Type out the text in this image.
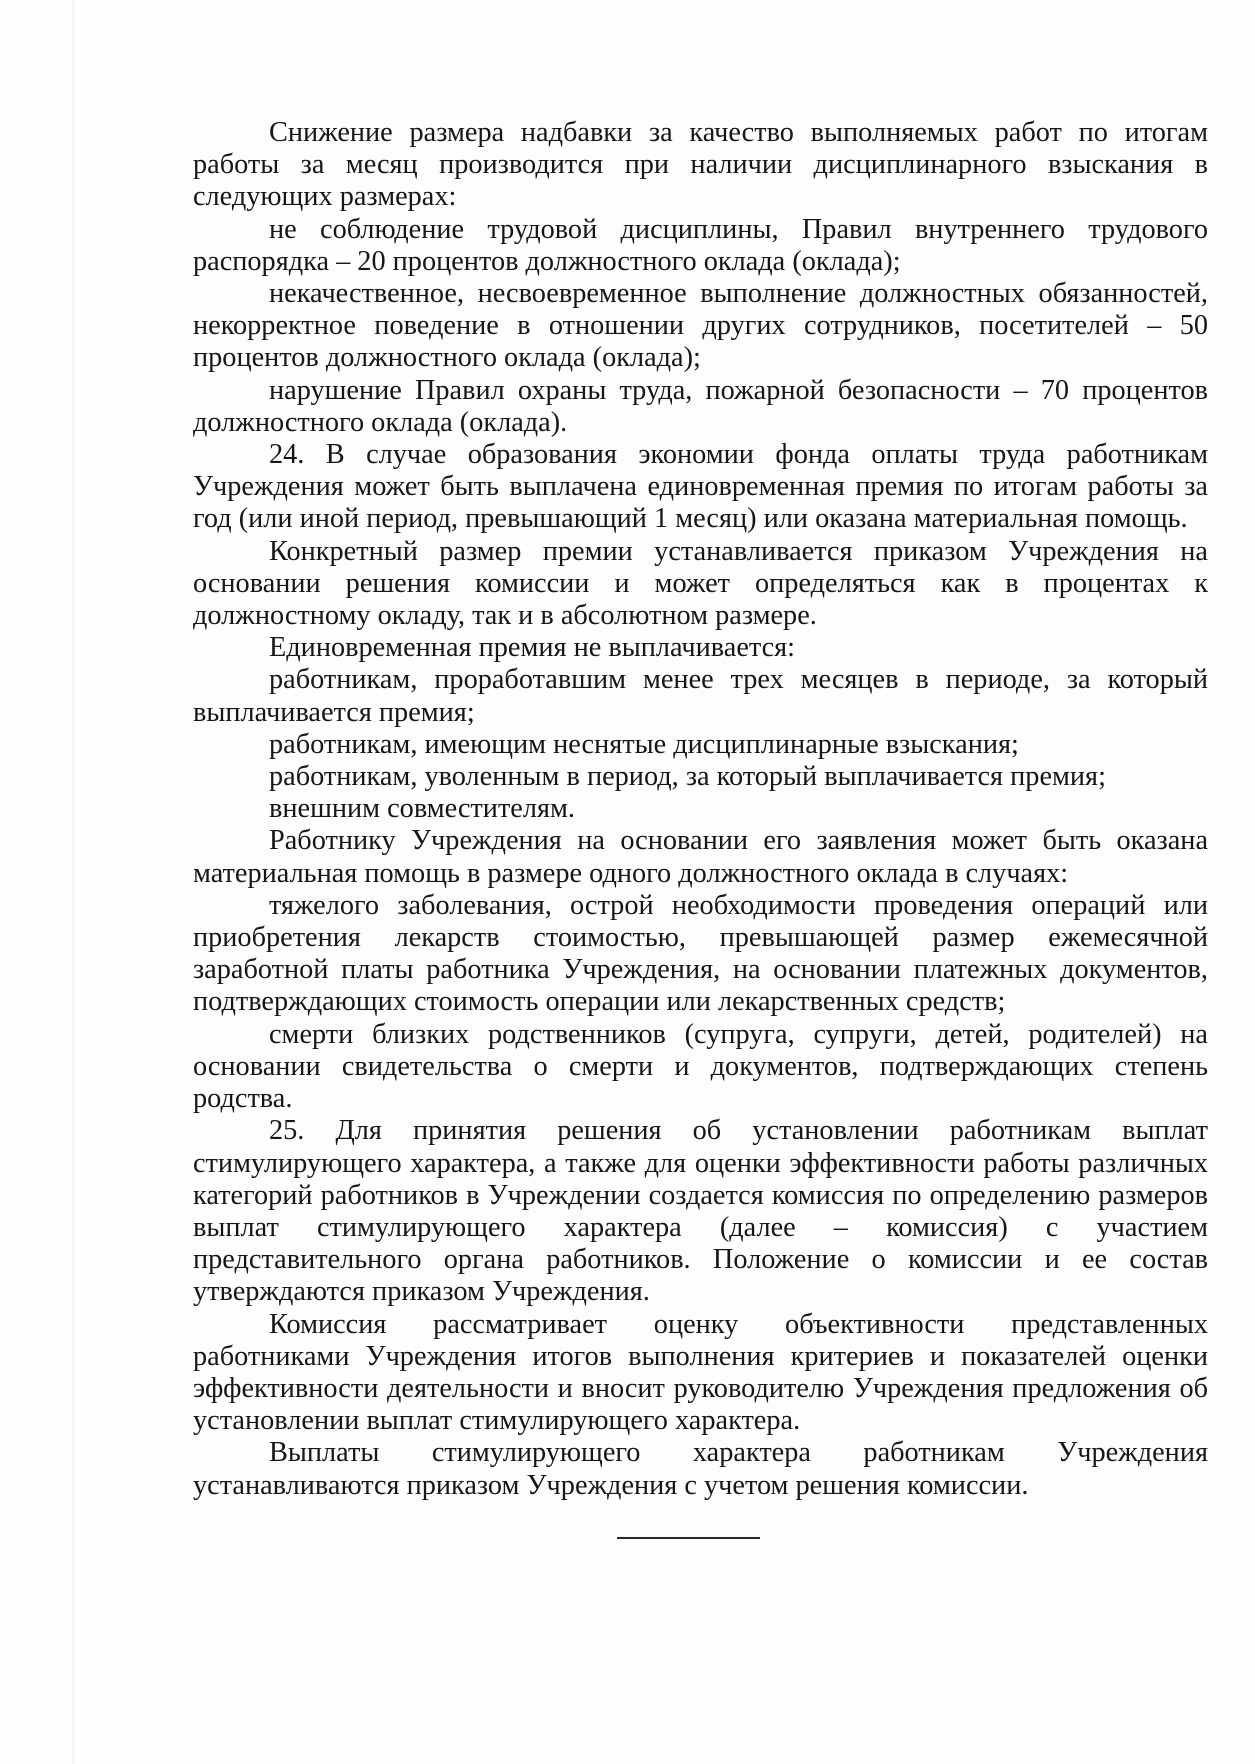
Снижение размера надбавки за качество выполняемых работ по итогам работы за месяц производится при наличии дисциплинарного взыскания в следующих размерах:

не соблюдение трудовой дисциплины, Правил внутреннего трудового распорядка – 20 процентов должностного оклада (оклада);

некачественное, несвоевременное выполнение должностных обязанностей, некорректное поведение в отношении других сотрудников, посетителей – 50 процентов должностного оклада (оклада);

нарушение Правил охраны труда, пожарной безопасности – 70 процентов должностного оклада (оклада).

24. В случае образования экономии фонда оплаты труда работникам Учреждения может быть выплачена единовременная премия по итогам работы за год (или иной период, превышающий 1 месяц) или оказана материальная помощь.

Конкретный размер премии устанавливается приказом Учреждения на основании решения комиссии и может определяться как в процентах к должностному окладу, так и в абсолютном размере.

Единовременная премия не выплачивается:

работникам, проработавшим менее трех месяцев в периоде, за который выплачивается премия;

работникам, имеющим неснятые дисциплинарные взыскания;

работникам, уволенным в период, за который выплачивается премия;

внешним совместителям.

Работнику Учреждения на основании его заявления может быть оказана материальная помощь в размере одного должностного оклада в случаях:

тяжелого заболевания, острой необходимости проведения операций или приобретения лекарств стоимостью, превышающей размер ежемесячной заработной платы работника Учреждения, на основании платежных документов, подтверждающих стоимость операции или лекарственных средств;

смерти близких родственников (супруга, супруги, детей, родителей) на основании свидетельства о смерти и документов, подтверждающих степень родства.

25. Для принятия решения об установлении работникам выплат стимулирующего характера, а также для оценки эффективности работы различных категорий работников в Учреждении создается комиссия по определению размеров выплат стимулирующего характера (далее – комиссия) с участием представительного органа работников. Положение о комиссии и ее состав утверждаются приказом Учреждения.

Комиссия рассматривает оценку объективности представленных работниками Учреждения итогов выполнения критериев и показателей оценки эффективности деятельности и вносит руководителю Учреждения предложения об установлении выплат стимулирующего характера.

Выплаты стимулирующего характера работникам Учреждения устанавливаются приказом Учреждения с учетом решения комиссии.
